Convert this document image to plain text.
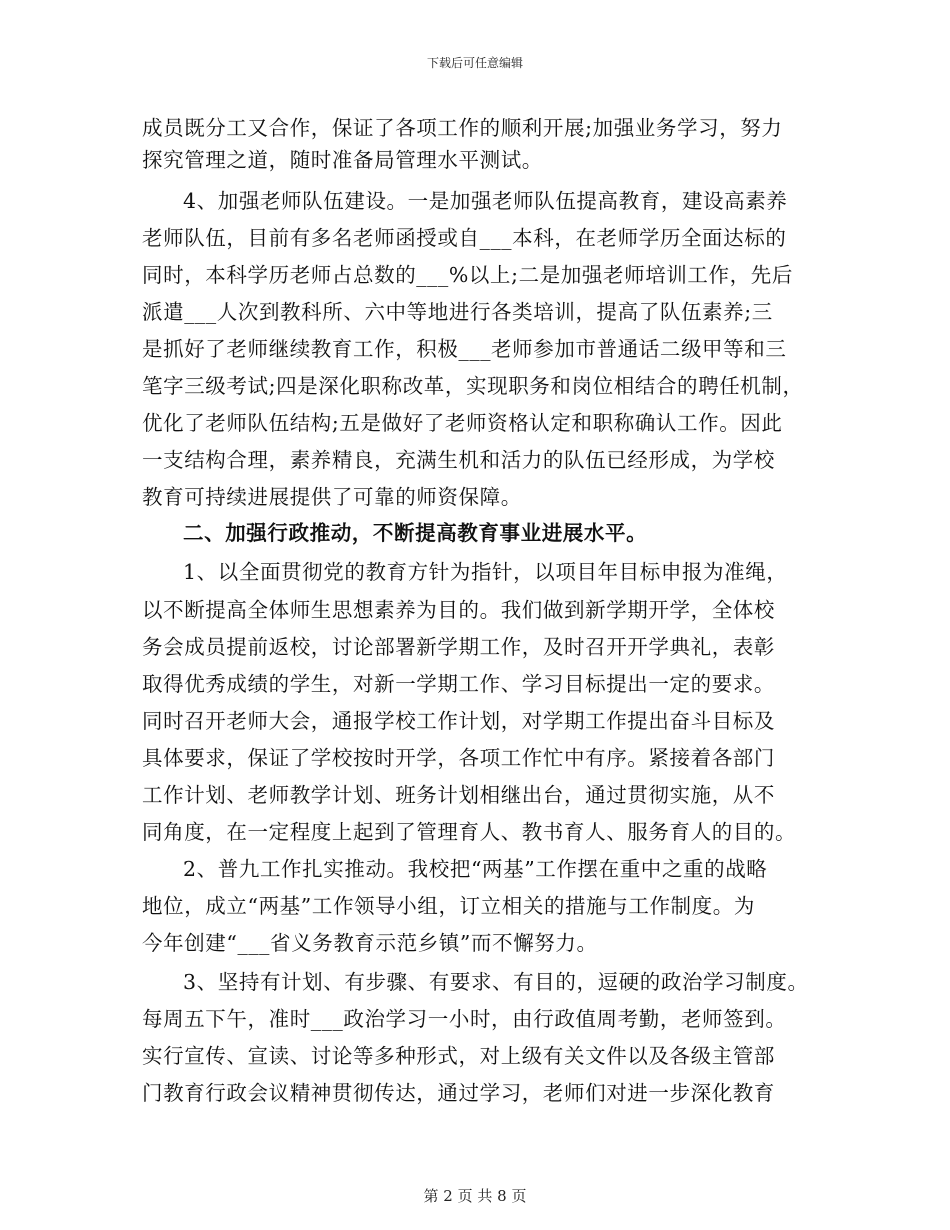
下载后可任意编辑
成员既分工又合作，保证了各项工作的顺利开展;加强业务学习，努力
探究管理之道，随时准备局管理水平测试。
4、加强老师队伍建设。一是加强老师队伍提高教育，建设高素养
老师队伍，目前有多名老师函授或自___本科，在老师学历全面达标的
同时，本科学历老师占总数的___%以上;二是加强老师培训工作，先后
派遣___人次到教科所、六中等地进行各类培训，提高了队伍素养;三
是抓好了老师继续教育工作，积极___老师参加市普通话二级甲等和三
笔字三级考试;四是深化职称改革，实现职务和岗位相结合的聘任机制，
优化了老师队伍结构;五是做好了老师资格认定和职称确认工作。因此
一支结构合理，素养精良，充满生机和活力的队伍已经形成，为学校
教育可持续进展提供了可靠的师资保障。
二、加强行政推动，不断提高教育事业进展水平。
1、以全面贯彻党的教育方针为指针，以项目年目标申报为准绳，
以不断提高全体师生思想素养为目的。我们做到新学期开学，全体校
务会成员提前返校，讨论部署新学期工作，及时召开开学典礼，表彰
取得优秀成绩的学生，对新一学期工作、学习目标提出一定的要求。
同时召开老师大会，通报学校工作计划，对学期工作提出奋斗目标及
具体要求，保证了学校按时开学，各项工作忙中有序。紧接着各部门
工作计划、老师教学计划、班务计划相继出台，通过贯彻实施，从不
同角度，在一定程度上起到了管理育人、教书育人、服务育人的目的。
2、普九工作扎实推动。我校把“两基”工作摆在重中之重的战略
地位，成立“两基”工作领导小组，订立相关的措施与工作制度。为
今年创建“___省义务教育示范乡镇”而不懈努力。
3、坚持有计划、有步骤、有要求、有目的，逗硬的政治学习制度。
每周五下午，准时___政治学习一小时，由行政值周考勤，老师签到。
实行宣传、宣读、讨论等多种形式，对上级有关文件以及各级主管部
门教育行政会议精神贯彻传达，通过学习，老师们对进一步深化教育
第 2 页 共 8 页
